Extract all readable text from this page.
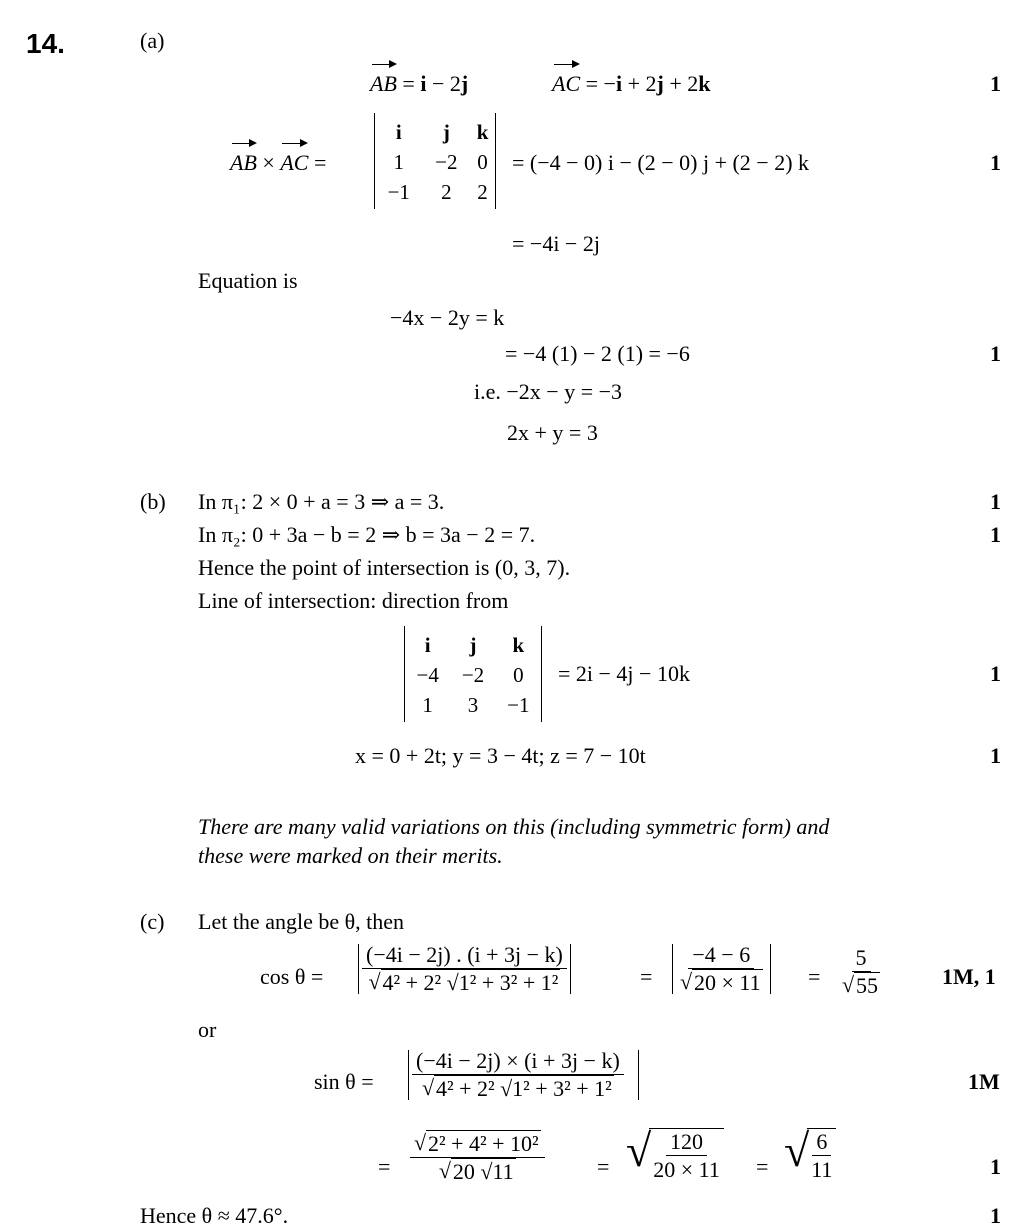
14.	(a)
AB = i − 2j	AC = −i + 2j + 2k	1
AB × AC =
i	j	k
1	−2	0
−1	2	2
= (−4 − 0) i − (2 − 0) j + (2 − 2) k	1
= −4i − 2j
Equation is
−4x − 2y = k
= −4 (1) − 2 (1) = −6	1
i.e. −2x − y = −3
2x + y = 3
(b) In π₁: 2 × 0 + a = 3 ⇒ a = 3.	1
In π₂: 0 + 3a − b = 2 ⇒ b = 3a − 2 = 7.	1
Hence the point of intersection is (0, 3, 7).
Line of intersection: direction from
i	j	k
−4	−2	0
1	3	−1
= 2i − 4j − 10k	1
x = 0 + 2t; y = 3 − 4t; z = 7 − 10t	1
There are many valid variations on this (including symmetric form) and
these were marked on their merits.
(c) Let the angle be θ, then
cos θ = (−4i − 2j) . (i + 3j − k)
√ 4² + 2² √1² + 3² + 1²	= −4 − 6
√ 20 × 11 = 5
√ 55	1M, 1
or
sin θ = (−4i − 2j) × (i + 3j − k)
√ 4² + 2² √1² + 3² + 1²	1M
= √ 2² + 4² + 10²
√ 20 √11 = √
$\frac{120}{20 \times 11}$ = √
$\frac{6}{11}$	1
Hence θ ≈ 47.6°.	1
